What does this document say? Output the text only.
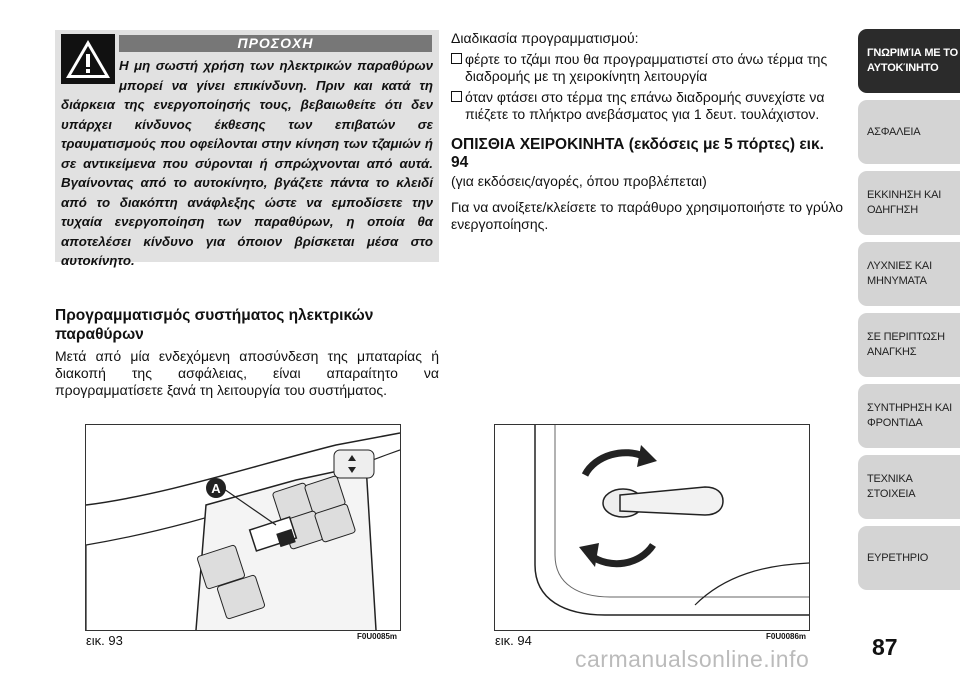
ΠΡΟΣΟΧΗ
Η μη σωστή χρήση των ηλεκτρικών παραθύρων μπορεί να γίνει επικίνδυνη. Πριν και κατά τη διάρκεια της ενεργοποίησής τους, βεβαιωθείτε ότι δεν υπάρχει κίνδυνος έκθεσης των επιβατών σε τραυματισμούς που οφείλονται στην κίνηση των τζαμιών ή σε αντικείμενα που σύρονται ή σπρώχνονται από αυτά. Βγαίνοντας από το αυτοκίνητο, βγάζετε πάντα το κλειδί από το διακόπτη ανάφλεξης ώστε να εμποδίσετε την τυχαία ενεργοποίηση των παραθύρων, η οποία θα αποτελέσει κίνδυνο για όποιον βρίσκεται μέσα στο αυτοκίνητο.
Προγραμματισμός συστήματος ηλεκτρικών παραθύρων
Μετά από μία ενδεχόμενη αποσύνδεση της μπαταρίας ή διακοπή της ασφάλειας, είναι απαραίτητο να προγραμματίσετε ξανά τη λειτουργία του συστήματος.
Διαδικασία προγραμματισμού:
φέρτε το τζάμι που θα προγραμματιστεί στο άνω τέρμα της διαδρομής με τη χειροκίνητη λειτουργία
όταν φτάσει στο τέρμα της επάνω διαδρομής συνεχίστε να πιέζετε το πλήκτρο ανεβάσματος για 1 δευτ. τουλάχιστον.
ΟΠΙΣΘΙΑ ΧΕΙΡΟΚΙΝΗΤΑ (εκδόσεις με 5 πόρτες) εικ. 94
(για εκδόσεις/αγορές, όπου προβλέπεται)
Για να ανοίξετε/κλείσετε το παράθυρο χρησιμοποιήστε το γρύλο ενεργοποίησης.
A
εικ. 93	F0U0085m	εικ. 94	F0U0086m
ΓΝΩΡΙΜΊΑ ΜΕ ΤΟ
ΑΥΤΟΚΊΝΗΤΟ
ΑΣΦΑΛΕΙΑ
ΕΚΚΙΝΗΣΗ ΚΑΙ
ΟΔΗΓΗΣΗ
ΛΥΧΝΙΕΣ ΚΑΙ
ΜΗΝΥΜΑΤΑ
ΣΕ ΠΕΡΙΠΤΩΣΗ
ΑΝΑΓΚΗΣ
ΣΥΝΤΗΡΗΣΗ ΚΑΙ
ΦΡΟΝΤΙΔΑ
ΤΕΧΝΙΚΑ ΣΤΟΙΧΕΙΑ
ΕΥΡΕΤΗΡΙΟ
87
carmanualsonline.info
